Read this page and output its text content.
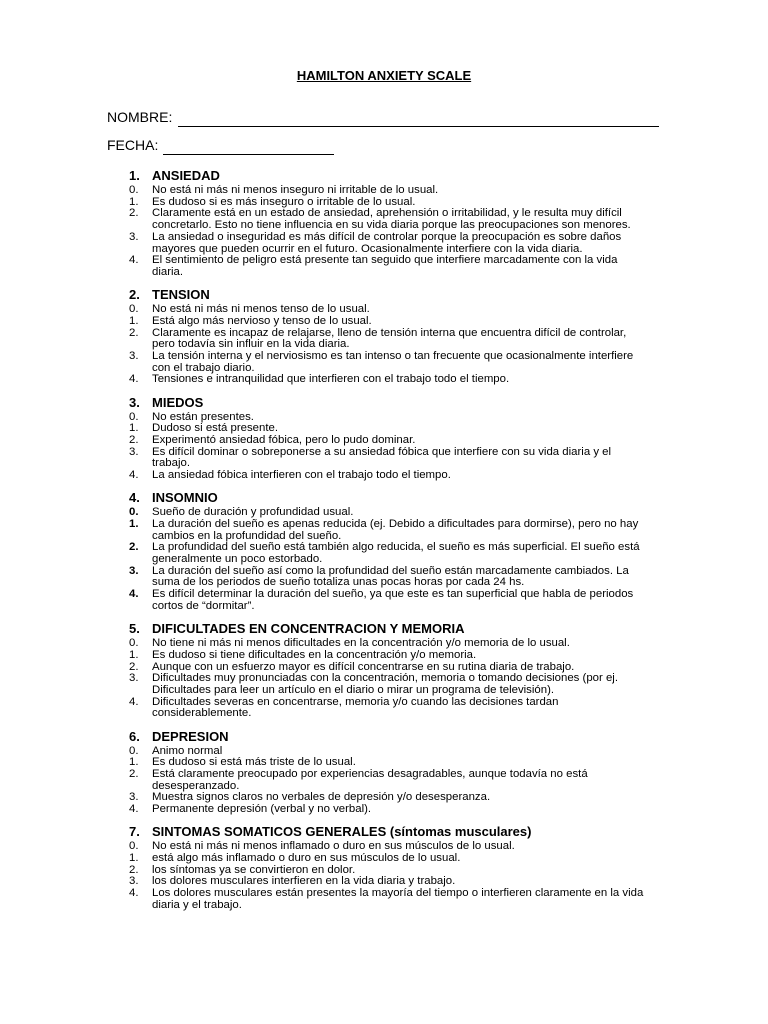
HAMILTON ANXIETY SCALE
NOMBRE:
FECHA:
1. ANSIEDAD
0. No está ni más ni menos inseguro ni irritable de lo usual.
1. Es dudoso si es más inseguro o irritable de lo usual.
2. Claramente está en un estado de ansiedad, aprehensión o irritabilidad, y le resulta muy difícil concretarlo. Esto no tiene influencia en su vida diaria porque las preocupaciones son menores.
3. La ansiedad o inseguridad es más difícil de controlar porque la preocupación es sobre daños mayores que pueden ocurrir en el futuro. Ocasionalmente interfiere con la vida diaria.
4. El sentimiento de peligro está presente tan seguido que interfiere marcadamente con la vida diaria.
2. TENSION
0. No está ni más ni menos tenso de lo usual.
1. Está algo más nervioso y tenso de lo usual.
2. Claramente es incapaz de relajarse, lleno de tensión interna que encuentra difícil de controlar, pero todavía sin influir en la vida diaria.
3. La tensión interna y el nerviosismo es tan intenso o tan frecuente que ocasionalmente interfiere con el trabajo diario.
4. Tensiones e intranquilidad que interfieren con el trabajo todo el tiempo.
3. MIEDOS
0. No están presentes.
1. Dudoso si está presente.
2. Experimentó ansiedad fóbica, pero lo pudo dominar.
3. Es difícil dominar o sobreponerse a su ansiedad fóbica que interfiere con su vida diaria y el trabajo.
4. La ansiedad fóbica interfieren con el trabajo todo el tiempo.
4. INSOMNIO
0. Sueño de duración y profundidad usual.
1. La duración del sueño es apenas reducida (ej. Debido a dificultades para dormirse), pero no hay cambios en la profundidad del sueño.
2. La profundidad del sueño está también algo reducida, el sueño es más superficial. El sueño está generalmente un poco estorbado.
3. La duración del sueño así como la profundidad del sueño están marcadamente cambiados. La suma de los periodos de sueño totaliza unas pocas horas por cada 24 hs.
4. Es difícil determinar la duración del sueño, ya que este es tan superficial que habla de periodos cortos de “dormitar”.
5. DIFICULTADES EN CONCENTRACION Y MEMORIA
0. No tiene ni más ni menos dificultades en la concentración y/o memoria de lo usual.
1. Es dudoso si tiene dificultades en la concentración y/o memoria.
2. Aunque con un esfuerzo mayor es difícil concentrarse en su rutina diaria de trabajo.
3. Dificultades muy pronunciadas con la concentración, memoria o tomando decisiones (por ej. Dificultades para leer un artículo en el diario o mirar un programa de televisión).
4. Dificultades severas en concentrarse, memoria y/o cuando las decisiones tardan considerablemente.
6. DEPRESION
0. Animo normal
1. Es dudoso si está más triste de lo usual.
2. Está claramente preocupado por experiencias desagradables, aunque todavía no está desesperanzado.
3. Muestra signos claros no verbales de depresión y/o desesperanza.
4. Permanente depresión (verbal y no verbal).
7. SINTOMAS SOMATICOS GENERALES (síntomas musculares)
0. No está ni más ni menos inflamado o duro en sus músculos de lo usual.
1. está algo más inflamado o duro en sus músculos de lo usual.
2. los síntomas ya se convirtieron en dolor.
3. los dolores musculares interfieren en la vida diaria y trabajo.
4. Los dolores musculares están presentes la mayoría del tiempo o interfieren claramente en la vida diaria y el trabajo.
